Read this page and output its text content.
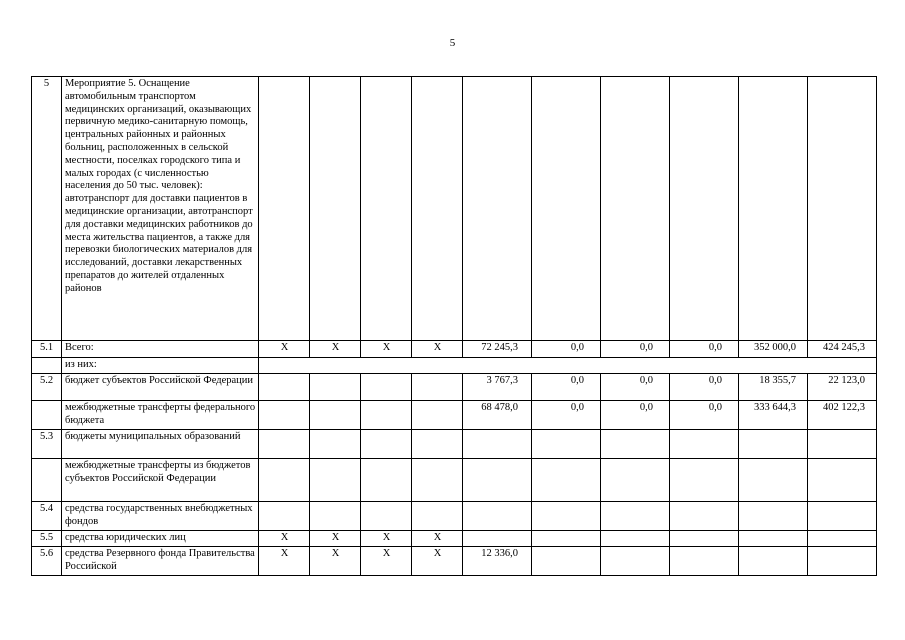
5
5	Мероприятие 5. Оснащение автомобильным транспортом медицинских организаций, оказывающих первичную медико-санитарную помощь, центральных районных и районных больниц, расположенных в сельской местности, поселках городского типа и малых городах (с численностью населения до 50 тыс. человек): автотранспорт для доставки пациентов в медицинские организации, автотранспорт для доставки медицинских работников до места жительства пациентов, а также для перевозки биологических материалов для исследований, доставки лекарственных препаратов до жителей отдаленных районов										
5.1	Всего:	X	X	X	X	72 245,3	0,0	0,0	0,0	352 000,0	424 245,3
	из них:										
5.2	бюджет субъектов Российской Федерации					3 767,3	0,0	0,0	0,0	18 355,7	22 123,0
	межбюджетные трансферты федерального бюджета					68 478,0	0,0	0,0	0,0	333 644,3	402 122,3
5.3	бюджеты муниципальных образований										
	межбюджетные трансферты из бюджетов субъектов Российской Федерации										
5.4	средства государственных внебюджетных фондов										
5.5	средства юридических лиц	X	X	X	X						
5.6	средства Резервного фонда Правительства Российской	X	X	X	X	12 336,0					
